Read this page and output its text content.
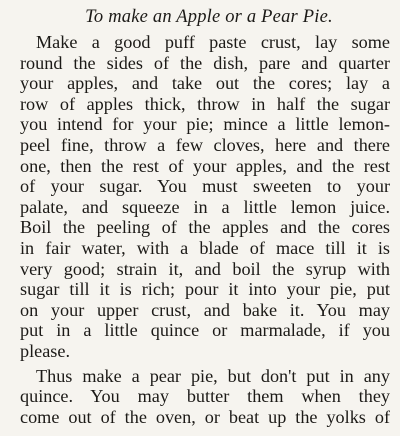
To make an Apple or a Pear Pie.
Make a good puff paste crust, lay some
round the sides of the dish, pare and quarter
your apples, and take out the cores; lay a
row of apples thick, throw in half the sugar
you intend for your pie; mince a little lemon-
peel fine, throw a few cloves, here and there
one, then the rest of your apples, and the rest
of your sugar. You must sweeten to your
palate, and squeeze in a little lemon juice.
Boil the peeling of the apples and the cores
in fair water, with a blade of mace till it is
very good; strain it, and boil the syrup with
sugar till it is rich; pour it into your pie, put
on your upper crust, and bake it. You may
put in a little quince or marmalade, if you
please.
Thus make a pear pie, but don't put in any
quince. You may butter them when they
come out of the oven, or beat up the yolks of
